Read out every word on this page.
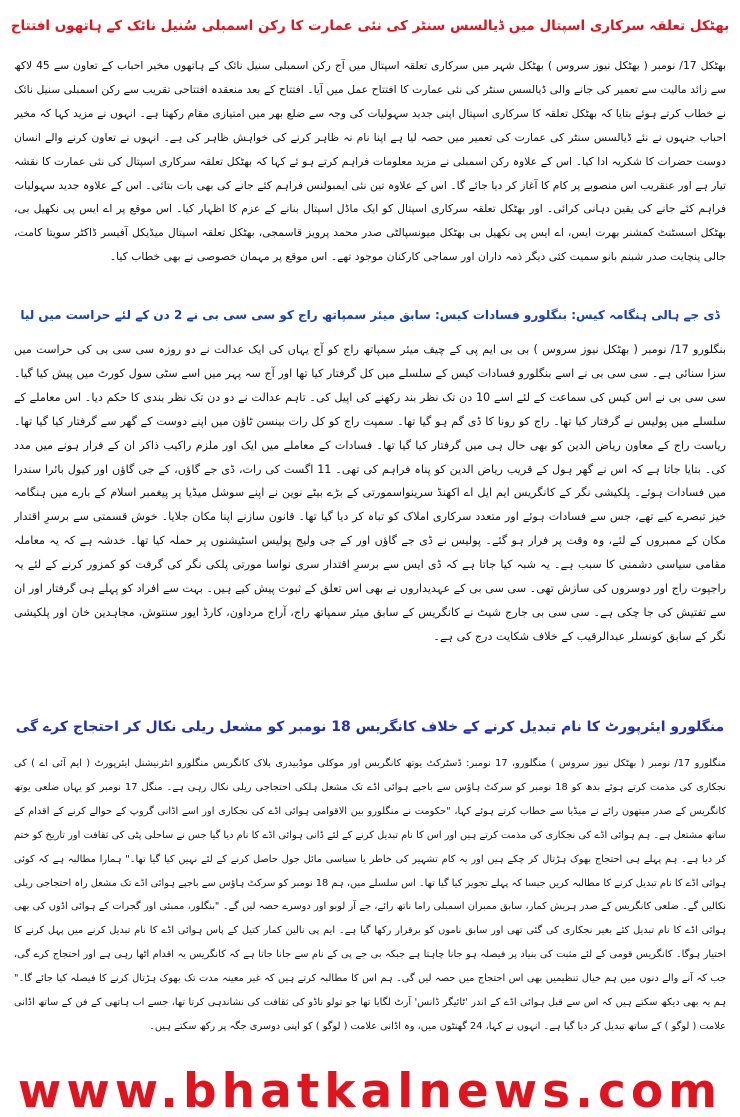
بھٹکل تعلقہ سرکاری اسپتال میں ڈیالسس سنٹر کی نئی عمارت کا رکن اسمبلی سُنیل نائک کے ہاتھوں افتتاح
بھٹکل 17/ نومبر ( بھٹکل نیوز سروس ) بھٹکل شہر میں سرکاری تعلقہ اسپتال میں آج رکن اسمبلی سنیل نائک کے ہاتھوں مخیر احباب کے تعاون سے 45 لاکھ سے زائد مالیت سے تعمیر کی جانے والی ڈیالسس سنٹر کی نئی عمارت کا افتتاح عمل میں آیا۔ افتتاح کے بعد منعقدہ افتتاحی تقریب سے رکن اسمبلی سنیل نائک نے خطاب کرتے ہوئے بتایا کہ بھٹکل تعلقہ کا سرکاری اسپتال اپنی جدید سہولیات کی وجہ سے ضلع بھر میں امتیازی مقام رکھتا ہے۔ انہوں نے مزید کہا کہ مخیر احباب جنہوں نے نئے ڈیالسس سنٹر کی عمارت کی تعمیر میں حصہ لیا ہے اپنا نام نہ ظاہر کرنے کی خواہش ظاہر کی ہے۔ انہوں نے تعاون کرنے والے انسان دوست حضرات کا شکریہ ادا کیا۔ اس کے علاوہ رکن اسمبلی نے مزید معلومات فراہم کرتے ہو ئے کہا کہ بھٹکل تعلقہ سرکاری اسپتال کی نئی عمارت کا نقشہ تیار ہے اور عنقریب اس منصوبے پر کام کا آغاز کر دیا جائے گا۔ اس کے علاوہ تین نئی ایمبولنس فراہم کئے جانے کی بھی بات بتائی۔ اس کے علاوہ جدید سہولیات فراہم کئے جانے کی یقین دہانی کرائی۔ اور بھٹکل تعلقہ سرکاری اسپتال کو ایک ماڈل اسپتال بنانے کے عزم کا اظہار کیا۔ اس موقع پر اے ایس پی نکھیل بی، بھٹکل اسسٹنٹ کمشنر بھرت ایس، اے ایس پی نکھیل بی بھٹکل میونسپالٹی صدر محمد پرویز قاسمجی، بھٹکل تعلقہ اسپتال میڈیکل آفیسر ڈاکٹر سویتا کامت، جالی پنچایت صدر شبنم بانو سمیت کئی دیگر ذمہ داران اور سماجی کارکنان موجود تھے۔ اس موقع پر مہمان خصوصی نے بھی خطاب کیا۔
ڈی جے ہالی ہنگامہ کیس: بنگلورو فسادات کیس: سابق میئر سمپاتھ راج کو سی سی بی نے 2 دن کے لئے حراست میں لیا
بنگلورو 17/ نومبر ( بھٹکل نیوز سروس ) بی بی ایم پی کے چیف میئر سمپاتھ راج کو آج یہاں کی ایک عدالت نے دو روزہ سی سی بی کی حراست میں سزا سنائی ہے۔ سی سی بی نے اسے بنگلورو فسادات کیس کے سلسلے میں کل گرفتار کیا تھا اور آج سہ پہر میں اسے سٹی سول کورٹ میں پیش کیا گیا۔ سی سی بی نے اس کیس کی سماعت کے لئے اسے 10 دن تک نظر بند رکھنے کی اپیل کی۔ تاہم عدالت نے دو دن تک نظر بندی کا حکم دیا۔ اس معاملے کے سلسلے میں پولیس نے گرفتار کیا تھا۔ راج کو رونا کا ڈی گم ہو گیا تھا۔ سمپت راج کو کل رات بینسن ٹاؤن میں اپنے دوست کے گھر سے گرفتار کیا گیا تھا۔ ریاست راج کے معاون ریاض الدین کو بھی حال ہی میں گرفتار کیا گیا تھا۔ فسادات کے معاملے میں ایک اور ملزم راکیب ذاکر ان کے فرار ہونے میں مدد کی۔ بتایا جاتا ہے کہ اس نے گھر ہول کے قریب ریاض الدین کو پناہ فراہم کی تھی۔ 11 اگست کی رات، ڈی جے گاؤں، کے جی گاؤں اور کیول بائرا سندرا میں فسادات ہوئے۔ پلکیشی نگر کے کانگریس ایم ایل اے اکھنڈ سرینواسمورتی کے بڑے بیٹے نوین نے اپنے سوشل میڈیا پر پیغمبر اسلام کے بارے میں ہنگامہ خیز تبصرے کیے تھے، جس سے فسادات ہوئے اور متعدد سرکاری املاک کو تباہ کر دیا گیا تھا۔ قانون سازنے اپنا مکان جلایا۔ خوش قسمتی سے برسرِ اقتدار مکان کے ممبروں کے لئے، وہ وقت پر فرار ہو گئے۔ پولیس نے ڈی جے گاؤں اور کے جی ولیج پولیس اسٹیشنوں پر حملہ کیا تھا۔ خدشہ ہے کہ یہ معاملہ مقامی سیاسی دشمنی کا سبب ہے۔ یہ شبہ کیا جاتا ہے کہ ڈی ایس سے برسرِ اقتدار سری نواسا مورتی پلکی نگر کی گرفت کو کمزور کرنے کے لئے یہ راجپوت راج اور دوسروں کی سازش تھی۔ سی سی بی کے عہدیداروں نے بھی اس تعلق کے ثبوت پیش کیے ہیں۔ بہت سے افراد کو پہلے ہی گرفتار اور ان سے تفتیش کی جا چکی ہے۔ سی سی بی جارج شیٹ نے کانگریس کے سابق میئر سمپاتھ راج، آراج مرداون، کارڈ ایور سنتوش، مجاہدین خان اور پلکیشی نگر کے سابق کونسلر عبدالرقیب کے خلاف شکایت درج کی ہے۔
منگلورو ایئرپورٹ کا نام تبدیل کرنے کے خلاف کانگریس 18 نومبر کو مشعل ریلی نکال کر احتجاج کرے گی
منگلورو 17/ نومبر ( بھٹکل نیوز سروس ) منگلورو، 17 نومبر: ڈسٹرکٹ یوتھ کانگریس اور موکلی موڈبیدری بلاک کانگریس منگلورو انٹرنیشنل ایئرپورٹ ( ایم آئی اے ) کی نجکاری کی مذمت کرتے ہوئے بدھ کو 18 نومبر کو سرکٹ ہاؤس سے باجپے ہوائی اڈے تک مشعل ہلکی احتجاجی ریلی نکال رہی ہے۔ منگل 17 نومبر کو یہاں ضلعی یوتھ کانگریس کے صدر میتھون رائے نے میڈیا سے خطاب کرتے ہوئے کہا، "حکومت نے منگلورو بین الاقوامی ہوائی اڈے کی نجکاری اور اسے اڈانی گروپ کے حوالے کرنے کے اقدام کے ساتھ مشتعل ہے۔ ہم ہوائی اڈے کی نجکاری کی مذمت کرتے ہیں اور اس کا نام تبدیل کرنے کے لئے ڈانی ہوائی اڈے کا نام دیا گیا جس نے ساحلی پٹی کی ثقافت اور تاریخ کو ختم کر دیا ہے۔ ہم پہلے ہی احتجاج بھوک ہڑتال کر چکے ہیں اور یہ کام تشہیر کی خاطر یا سیاسی مائل جول حاصل کرنے کے لئے نہیں کیا گیا تھا۔" ہمارا مطالبہ ہے کہ کوئی ہوائی اڈے کا نام تبدیل کرنے کا مطالبہ کریں جیسا کہ پہلے تجویز کیا گیا تھا۔ اس سلسلے میں، ہم 18 نومبر کو سرکٹ ہاؤس سے باجپے ہوائی اڈے تک مشعل راہ احتجاجی ریلی نکالیں گے۔ ضلعی کانگریس کے صدر ہریش کمار، سابق ممبران اسمبلی راما ناتھ رائے، جے آر لوبو اور دوسرے حصہ لیں گے۔ "بنگلور، ممبئی اور گجرات کے ہوائی اڈوں کی بھی ہوائی اڈے کا نام تبدیل کئے بغیر نجکاری کی گئی تھی اور سابق ناموں کو برقرار رکھا گیا ہے۔ ایم پی نالین کمار کتیل کے پاس ہوائی اڈے کا نام تبدیل کرنے میں پہل کرنے کا اختیار ہوگا۔ کانگریس قومی کے لئے مثبت کی بنیاد پر فیصلہ ہو جانا چاہتا ہے جبکہ بی جے پی کے نام سے جانا جاتا ہے کہ کانگریس یہ اقدام اٹھا رہی ہے اور احتجاج کرے گی، جب کہ آنے والے دنوں میں ہم خیال تنظیمیں بھی اس احتجاج میں حصہ لیں گی۔ ہم اس کا مطالبہ کرتے ہیں کہ غیر معینہ مدت تک بھوک ہڑتال کرنے کا فیصلہ کیا جائے گا۔" ہم یہ بھی دیکھ سکتے ہیں کہ اس سے قبل ہوائی اڈے کے اندر 'ٹائیگر ڈانس' آرٹ لگایا تھا جو تولو ناڈو کی ثقافت کی نشاندہی کرتا تھا، جسے اب ہاتھی کے فن کے ساتھ اڈانی علامت ( لوگو ) کے ساتھ تبدیل کر دیا گیا ہے۔ انہوں نے کہا، 24 گھنٹوں میں، وہ اڈانی علامت ( لوگو ) کو اپنی دوسری جگہ پر رکھ سکتے ہیں۔
www.bhatkalnews.com
